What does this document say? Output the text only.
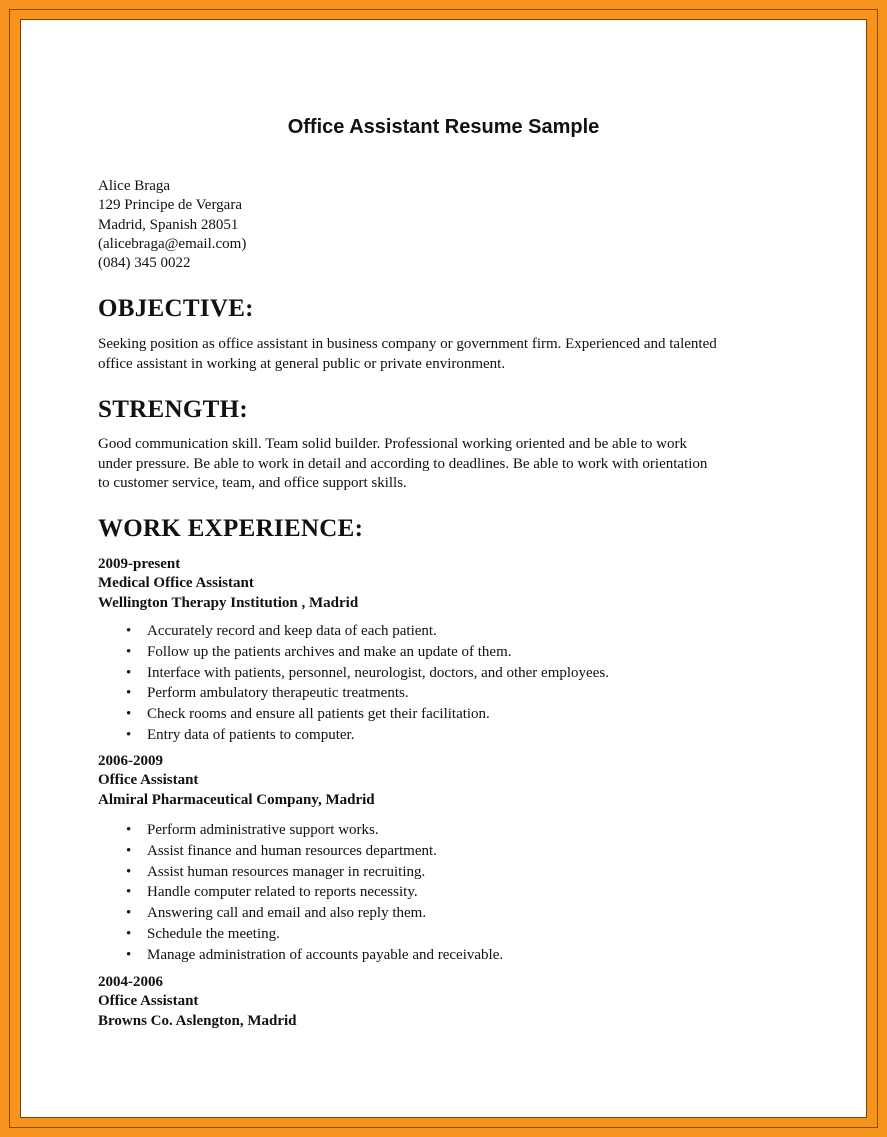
Office Assistant Resume Sample
Alice Braga
129 Principe de Vergara
Madrid, Spanish 28051
(alicebraga@email.com)
(084) 345 0022
OBJECTIVE:

Seeking position as office assistant in business company or government firm. Experienced and talented

office assistant in working at general public or private environment.

STRENGTH:

Good communication skill. Team solid builder. Professional working oriented and be able to work

under pressure. Be able to work in detail and according to deadlines. Be able to work with orientation

to customer service, team, and office support skills.

WORK EXPERIENCE:
2009-present
Medical Office Assistant
Wellington Therapy Institution , Madrid
• Accurately record and keep data of each patient.
• Follow up the patients archives and make an update of them.
• Interface with patients, personnel, neurologist, doctors, and other employees.
• Perform ambulatory therapeutic treatments.
• Check rooms and ensure all patients get their facilitation.
• Entry data of patients to computer.
2006-2009
Office Assistant
Almiral Pharmaceutical Company, Madrid
• Perform administrative support works.
• Assist finance and human resources department.
• Assist human resources manager in recruiting.
• Handle computer related to reports necessity.
• Answering call and email and also reply them.
• Schedule the meeting.
• Manage administration of accounts payable and receivable.
2004-2006
Office Assistant
Browns Co. Aslengton, Madrid
